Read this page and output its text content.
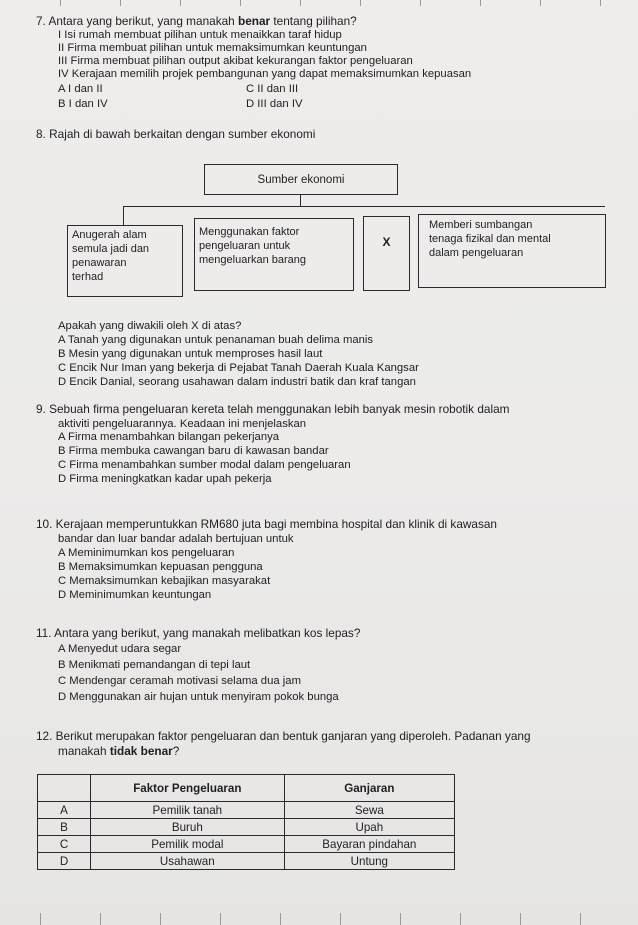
7. Antara yang berikut, yang manakah benar tentang pilihan?
I Isi rumah membuat pilihan untuk menaikkan taraf hidup
II Firma membuat pilihan untuk memaksimumkan keuntungan
III Firma membuat pilihan output akibat kekurangan faktor pengeluaran
IV Kerajaan memilih projek pembangunan yang dapat memaksimumkan kepuasan
A I dan II
B I dan IV
C II dan III
D III dan IV
8. Rajah di bawah berkaitan dengan sumber ekonomi
Sumber ekonomi
Anugerah alam
semula jadi dan
penawaran
terhad
Menggunakan faktor
pengeluaran untuk
mengeluarkan barang
X
Memberi sumbangan
tenaga fizikal dan mental
dalam pengeluaran
Apakah yang diwakili oleh X di atas?
A Tanah yang digunakan untuk penanaman buah delima manis
B Mesin yang digunakan untuk memproses hasil laut
C Encik Nur Iman yang bekerja di Pejabat Tanah Daerah Kuala Kangsar
D Encik Danial, seorang usahawan dalam industri batik dan kraf tangan
9. Sebuah firma pengeluaran kereta telah menggunakan lebih banyak mesin robotik dalam
aktiviti pengeluarannya. Keadaan ini menjelaskan
A Firma menambahkan bilangan pekerjanya
B Firma membuka cawangan baru di kawasan bandar
C Firma menambahkan sumber modal dalam pengeluaran
D Firma meningkatkan kadar upah pekerja
10. Kerajaan memperuntukkan RM680 juta bagi membina hospital dan klinik di kawasan
bandar dan luar bandar adalah bertujuan untuk
A Meminimumkan kos pengeluaran
B Memaksimumkan kepuasan pengguna
C Memaksimumkan kebajikan masyarakat
D Meminimumkan keuntungan
11. Antara yang berikut, yang manakah melibatkan kos lepas?
A Menyedut udara segar
B Menikmati pemandangan di tepi laut
C Mendengar ceramah motivasi selama dua jam
D Menggunakan air hujan untuk menyiram pokok bunga
12. Berikut merupakan faktor pengeluaran dan bentuk ganjaran yang diperoleh. Padanan yang
manakah tidak benar?
	Faktor Pengeluaran	Ganjaran
A	Pemilik tanah	Sewa
B	Buruh	Upah
C	Pemilik modal	Bayaran pindahan
D	Usahawan	Untung
